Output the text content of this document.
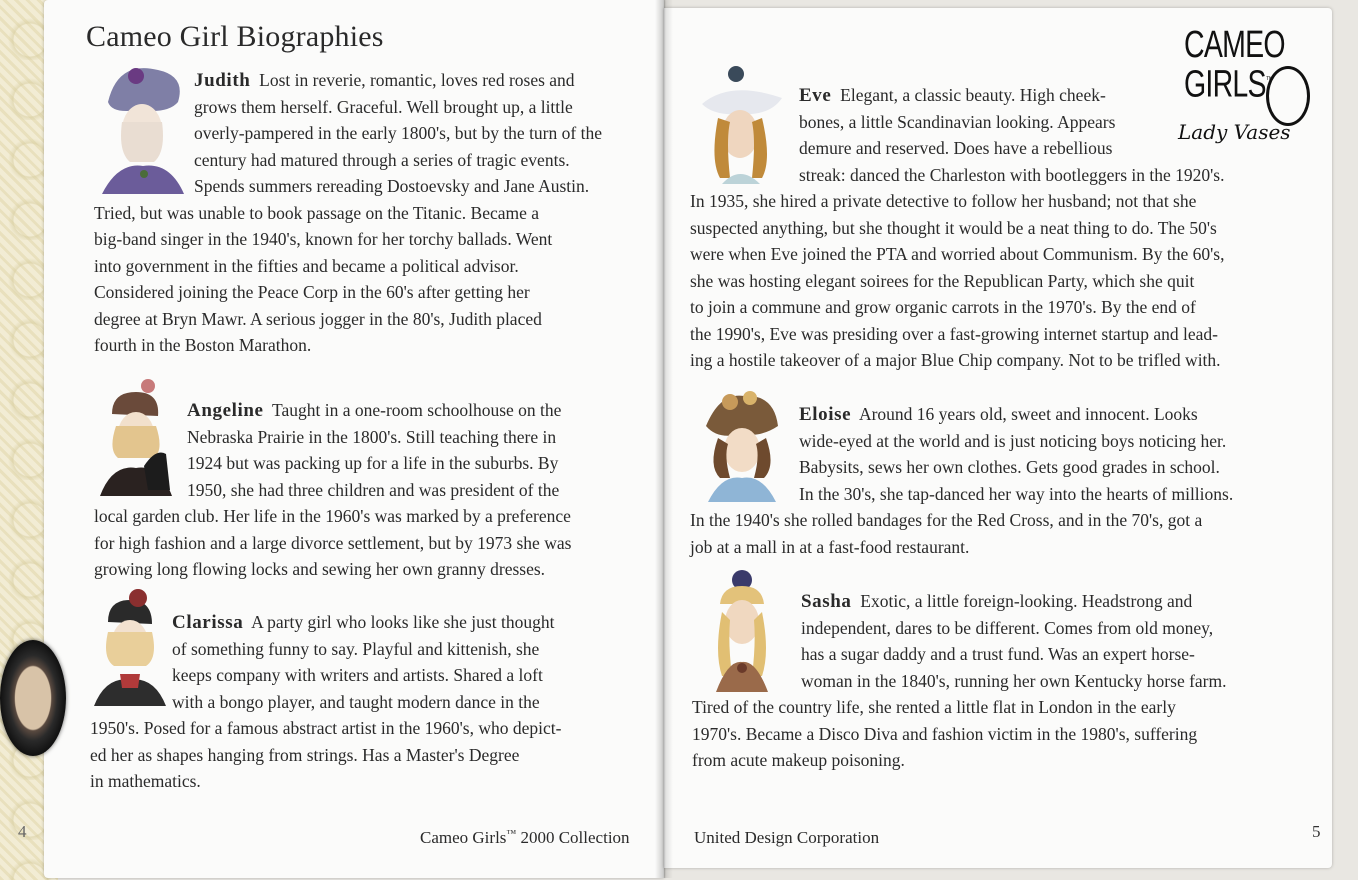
Cameo Girl Biographies

Judith Lost in reverie, romantic, loves red roses and

grows them herself. Graceful. Well brought up, a little

overly-pampered in the early 1800's, but by the turn of the

century had matured through a series of tragic events.

Spends summers rereading Dostoevsky and Jane Austin.

Tried, but was unable to book passage on the Titanic. Became a

big-band singer in the 1940's, known for her torchy ballads. Went

into government in the fifties and became a political advisor.

Considered joining the Peace Corp in the 60's after getting her

degree at Bryn Mawr. A serious jogger in the 80's, Judith placed

fourth in the Boston Marathon.

Angeline Taught in a one-room schoolhouse on the

Nebraska Prairie in the 1800's. Still teaching there in

1924 but was packing up for a life in the suburbs. By

1950, she had three children and was president of the

local garden club. Her life in the 1960's was marked by a preference

for high fashion and a large divorce settlement, but by 1973 she was

growing long flowing locks and sewing her own granny dresses.

Clarissa A party girl who looks like she just thought

of something funny to say. Playful and kittenish, she

keeps company with writers and artists. Shared a loft

with a bongo player, and taught modern dance in the

1950's. Posed for a famous abstract artist in the 1960's, who depict-

ed her as shapes hanging from strings. Has a Master's Degree

in mathematics.

Cameo Girls™ 2000 Collection
4
CAMEO
GIRLS™
Lady Vases

Eve Elegant, a classic beauty. High cheek-

bones, a little Scandinavian looking. Appears

demure and reserved. Does have a rebellious

streak: danced the Charleston with bootleggers in the 1920's.

In 1935, she hired a private detective to follow her husband; not that she

suspected anything, but she thought it would be a neat thing to do. The 50's

were when Eve joined the PTA and worried about Communism. By the 60's,

she was hosting elegant soirees for the Republican Party, which she quit

to join a commune and grow organic carrots in the 1970's. By the end of

the 1990's, Eve was presiding over a fast-growing internet startup and lead-

ing a hostile takeover of a major Blue Chip company. Not to be trifled with.

Eloise Around 16 years old, sweet and innocent. Looks

wide-eyed at the world and is just noticing boys noticing her.

Babysits, sews her own clothes. Gets good grades in school.

In the 30's, she tap-danced her way into the hearts of millions.

In the 1940's she rolled bandages for the Red Cross, and in the 70's, got a

job at a mall in at a fast-food restaurant.

Sasha Exotic, a little foreign-looking. Headstrong and

independent, dares to be different. Comes from old money,

has a sugar daddy and a trust fund. Was an expert horse-

woman in the 1840's, running her own Kentucky horse farm.

Tired of the country life, she rented a little flat in London in the early

1970's. Became a Disco Diva and fashion victim in the 1980's, suffering

from acute makeup poisoning.

United Design Corporation	5
